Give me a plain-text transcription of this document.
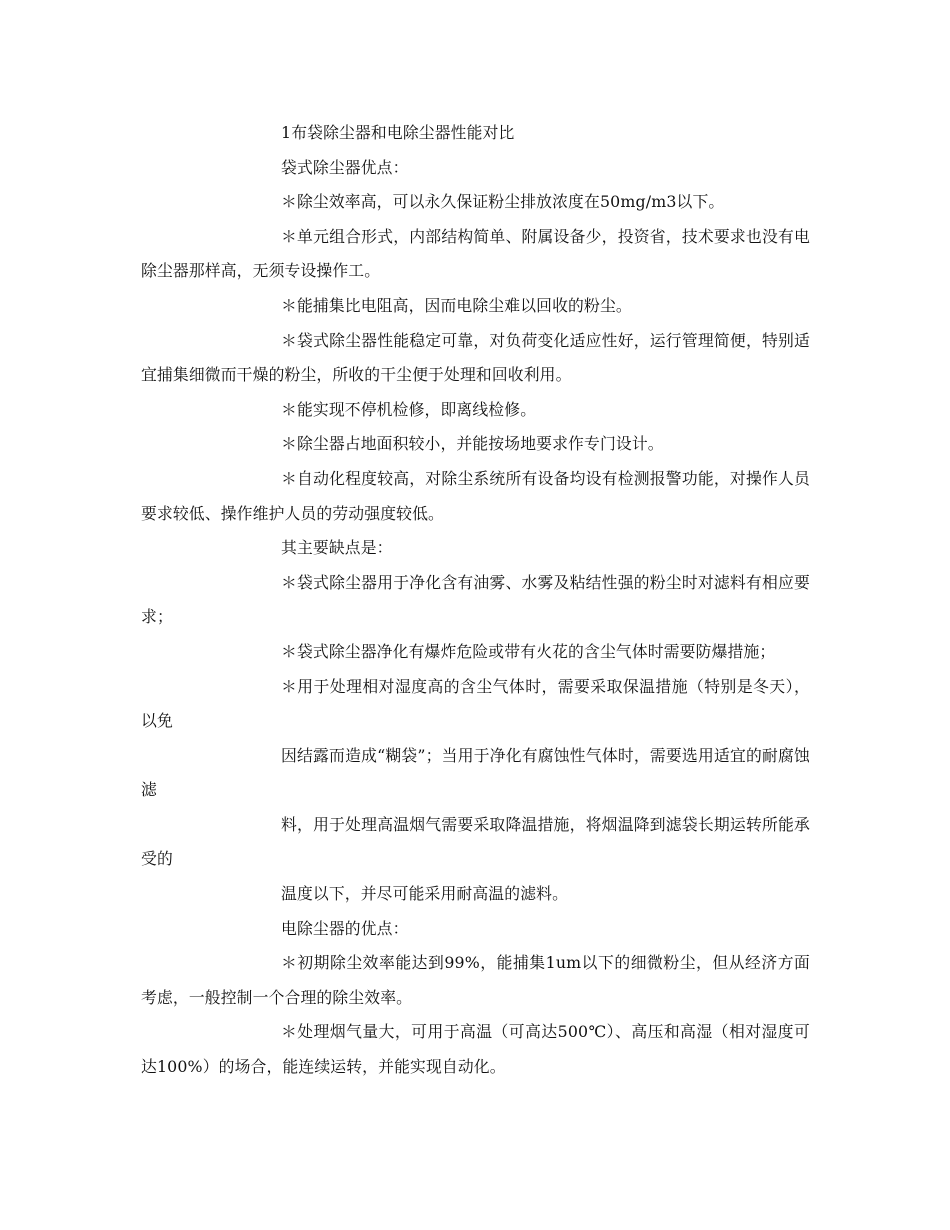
1布袋除尘器和电除尘器性能对比

袋式除尘器优点：

＊除尘效率高，可以永久保证粉尘排放浓度在50mg/m3以下。

＊单元组合形式，内部结构简单、附属设备少，投资省，技术要求也没有电除尘器那样高，无须专设操作工。

＊能捕集比电阻高，因而电除尘难以回收的粉尘。

＊袋式除尘器性能稳定可靠，对负荷变化适应性好，运行管理简便，特别适宜捕集细微而干燥的粉尘，所收的干尘便于处理和回收利用。

＊能实现不停机检修，即离线检修。

＊除尘器占地面积较小，并能按场地要求作专门设计。

＊自动化程度较高，对除尘系统所有设备均设有检测报警功能，对操作人员要求较低、操作维护人员的劳动强度较低。

其主要缺点是：

＊袋式除尘器用于净化含有油雾、水雾及粘结性强的粉尘时对滤料有相应要求；

＊袋式除尘器净化有爆炸危险或带有火花的含尘气体时需要防爆措施；

＊用于处理相对湿度高的含尘气体时，需要采取保温措施（特别是冬天），以免

因结露而造成“糊袋”；当用于净化有腐蚀性气体时，需要选用适宜的耐腐蚀滤

料，用于处理高温烟气需要采取降温措施，将烟温降到滤袋长期运转所能承受的

温度以下，并尽可能采用耐高温的滤料。

电除尘器的优点：

＊初期除尘效率能达到99%，能捕集1um以下的细微粉尘，但从经济方面考虑，一般控制一个合理的除尘效率。

＊处理烟气量大，可用于高温（可高达500℃）、高压和高湿（相对湿度可达100%）的场合，能连续运转，并能实现自动化。
